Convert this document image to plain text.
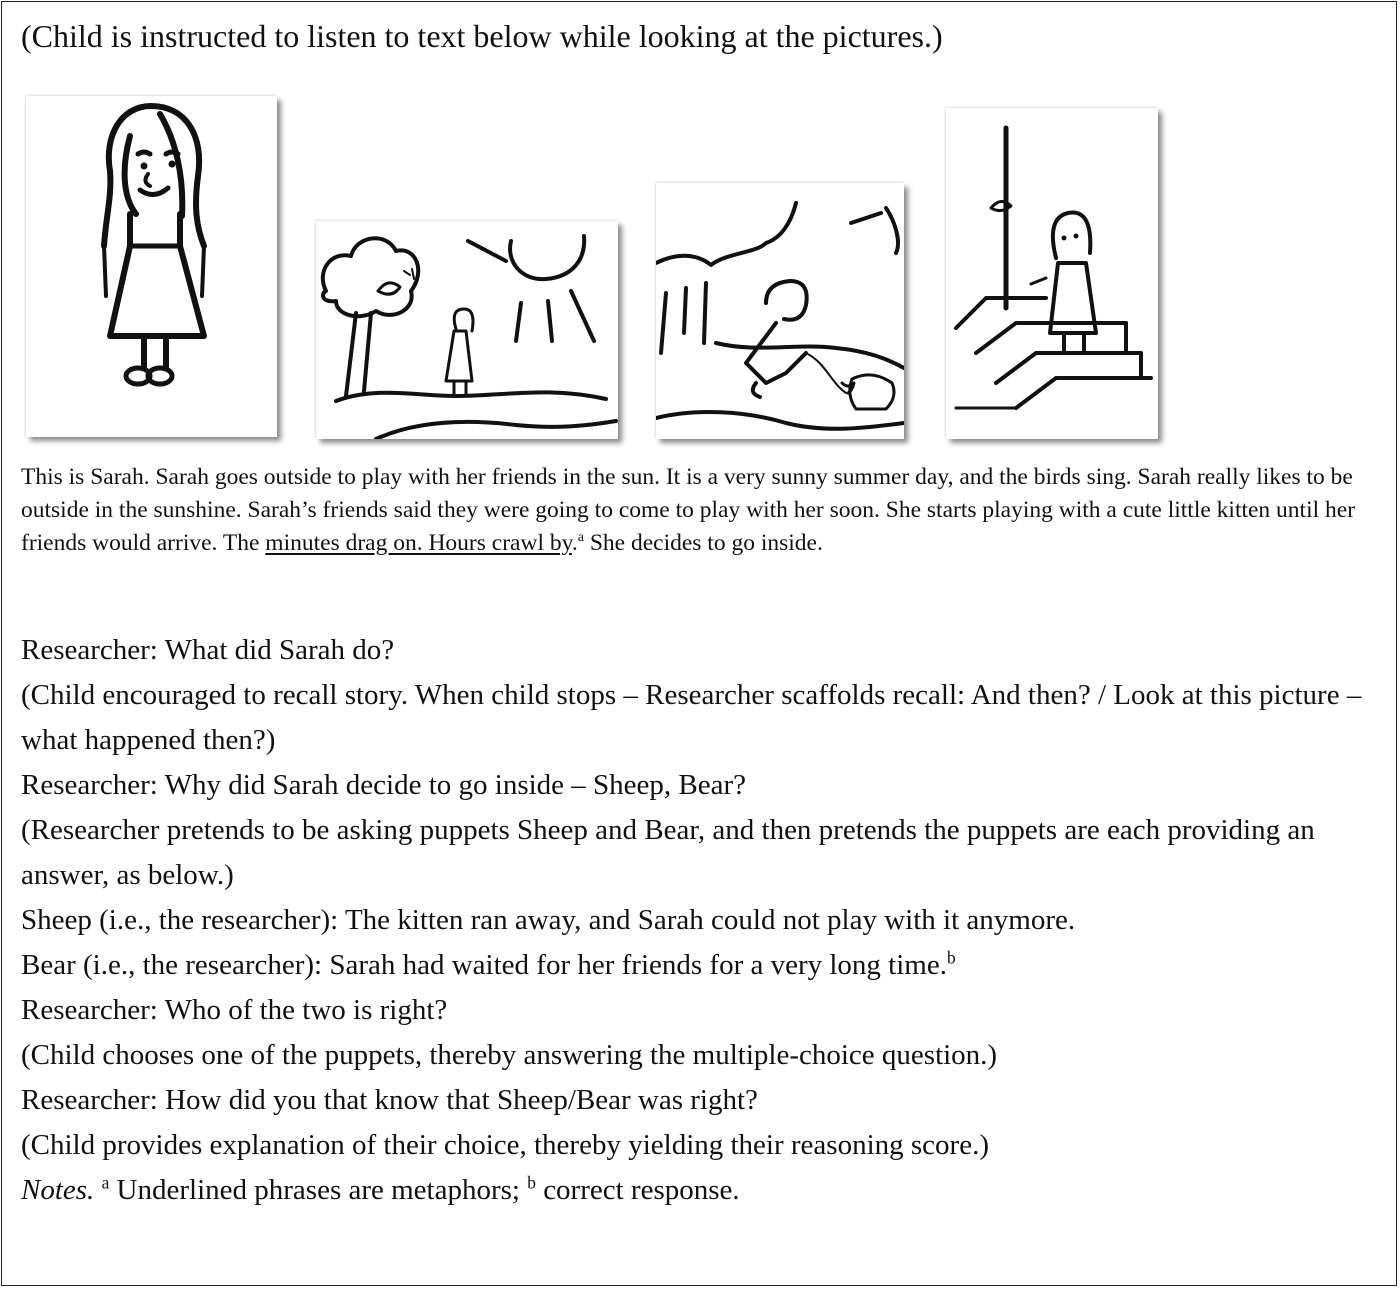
(Child is instructed to listen to text below while looking at the pictures.)
This is Sarah. Sarah goes outside to play with her friends in the sun. It is a very sunny summer day, and the birds sing. Sarah really likes to be outside in the sunshine. Sarah’s friends said they were going to come to play with her soon. She starts playing with a cute little kitten until her friends would arrive. The minutes drag on. Hours crawl by.$^a$ She decides to go inside.
Researcher: What did Sarah do?
(Child encouraged to recall story. When child stops – Researcher scaffolds recall: And then? / Look at this picture – what happened then?)
Researcher: Why did Sarah decide to go inside – Sheep, Bear?
(Researcher pretends to be asking puppets Sheep and Bear, and then pretends the puppets are each providing an answer, as below.)
Sheep (i.e., the researcher): The kitten ran away, and Sarah could not play with it anymore.
Bear (i.e., the researcher): Sarah had waited for her friends for a very long time.$^b$
Researcher: Who of the two is right?
(Child chooses one of the puppets, thereby answering the multiple-choice question.)
Researcher: How did you that know that Sheep/Bear was right?
(Child provides explanation of their choice, thereby yielding their reasoning score.)
Notes. $^a$ Underlined phrases are metaphors; $^b$ correct response.
